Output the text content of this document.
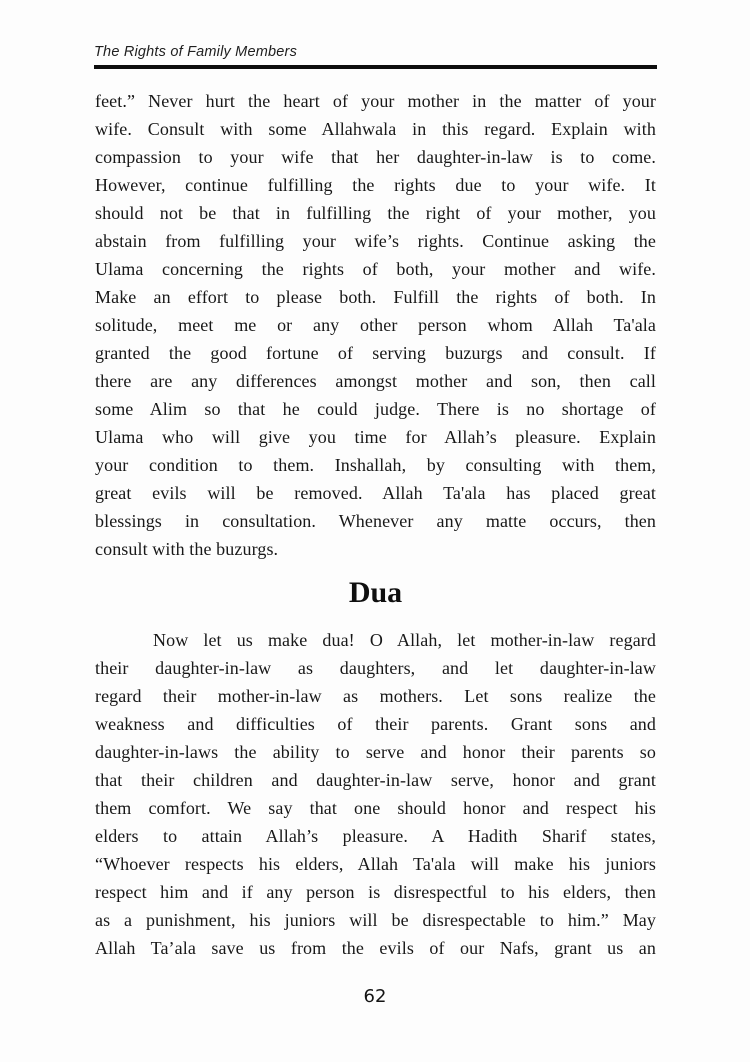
The Rights of Family Members
feet.” Never hurt the heart of your mother in the matter of your
wife. Consult with some Allahwala in this regard. Explain with
compassion to your wife that her daughter-in-law is to come.
However, continue fulfilling the rights due to your wife. It
should not be that in fulfilling the right of your mother, you
abstain from fulfilling your wife’s rights. Continue asking the
Ulama concerning the rights of both, your mother and wife.
Make an effort to please both. Fulfill the rights of both. In
solitude, meet me or any other person whom Allah Ta'ala
granted the good fortune of serving buzurgs and consult. If
there are any differences amongst mother and son, then call
some Alim so that he could judge. There is no shortage of
Ulama who will give you time for Allah’s pleasure. Explain
your condition to them. Inshallah, by consulting with them,
great evils will be removed. Allah Ta'ala has placed great
blessings in consultation. Whenever any matte occurs, then
consult with the buzurgs.
Dua
Now let us make dua! O Allah, let mother-in-law regard
their daughter-in-law as daughters, and let daughter-in-law
regard their mother-in-law as mothers. Let sons realize the
weakness and difficulties of their parents. Grant sons and
daughter-in-laws the ability to serve and honor their parents so
that their children and daughter-in-law serve, honor and grant
them comfort. We say that one should honor and respect his
elders to attain Allah’s pleasure. A Hadith Sharif states,
“Whoever respects his elders, Allah Ta'ala will make his juniors
respect him and if any person is disrespectful to his elders, then
as a punishment, his juniors will be disrespectable to him.” May
Allah Ta’ala save us from the evils of our Nafs, grant us an
62
